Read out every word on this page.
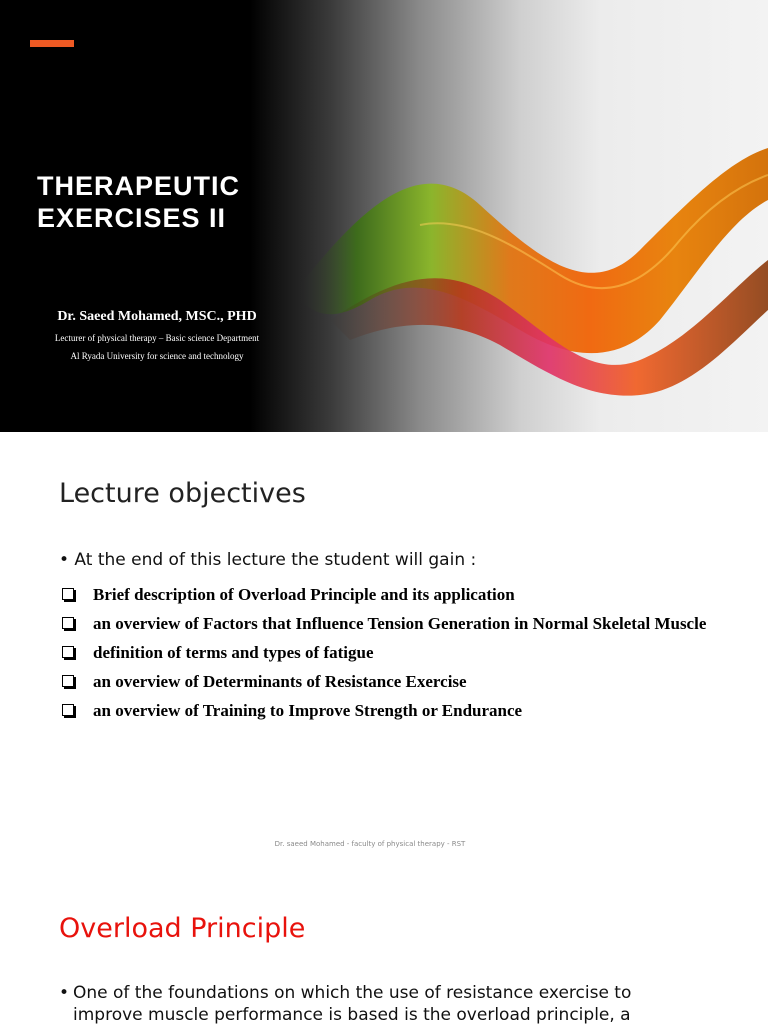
THERAPEUTIC EXERCISES II
Dr. Saeed Mohamed, MSC., PHD
Lecturer of physical therapy – Basic science Department
Al Ryada University for science and technology
Lecture objectives
• At the end of this lecture the student will gain :
Brief description of Overload Principle and its application
an overview of Factors that Influence Tension Generation in Normal Skeletal Muscle
definition of terms and types of fatigue
an overview of Determinants of Resistance Exercise
an overview of Training to Improve Strength or Endurance
Dr. saeed Mohamed - faculty of physical therapy - RST
Overload Principle
• One of the foundations on which the use of resistance exercise to improve muscle performance is based is the overload principle, a
